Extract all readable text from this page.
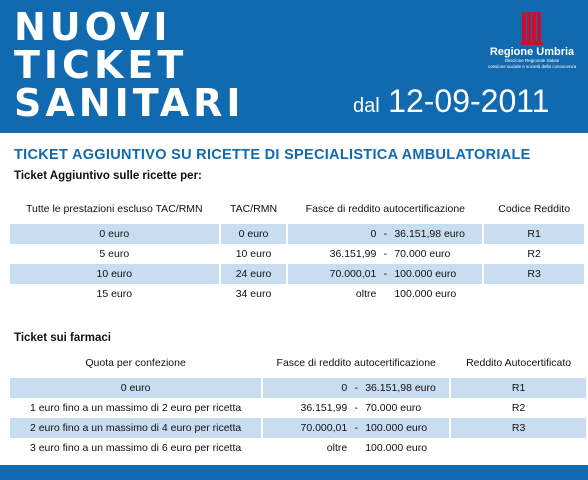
NUOVI
TICKET
SANITARI
Regione Umbria
Direzione Regionale Salute
coesione sociale e società della conoscenza
dal 12-09-2011
TICKET AGGIUNTIVO SU RICETTE DI SPECIALISTICA AMBULATORIALE
Ticket Aggiuntivo sulle ricette per:
Tutte le prestazioni escluso TAC/RMN	TAC/RMN	Fasce di reddito autocertificazione	Codice Reddito
0 euro	0 euro	0 - 36.151,98 euro	R1
5 euro	10 euro	36.151,99 - 70.000 euro	R2
10 euro	24 euro	70.000,01 - 100.000 euro	R3
15 euro	34 euro	oltre 100.000 euro	
Ticket sui farmaci
Quota per confezione	Fasce di reddito autocertificazione	Reddito Autocertificato
0 euro	0 - 36.151,98 euro	R1
1 euro fino a un massimo di 2 euro per ricetta	36.151,99 - 70.000 euro	R2
2 euro fino a un massimo di 4 euro per ricetta	70.000,01 - 100.000 euro	R3
3 euro fino a un massimo di 6 euro per ricetta	oltre 100.000 euro	
